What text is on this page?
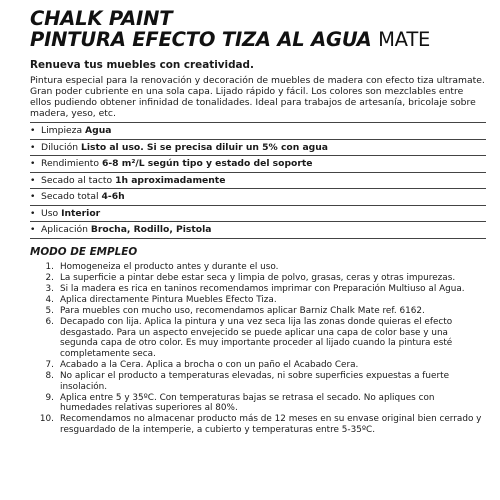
CHALK PAINT
PINTURA EFECTO TIZA AL AGUA MATE
Renueva tus muebles con creatividad.
Pintura especial para la renovación y decoración de muebles de madera con efecto tiza ultramate. Gran poder cubriente en una sola capa. Lijado rápido y fácil. Los colores son mezclables entre ellos pudiendo obtener infinidad de tonalidades. Ideal para trabajos de artesanía, bricolaje sobre madera, yeso, etc.
• Limpieza Agua
• Dilución Listo al uso. Si se precisa diluir un 5% con agua
• Rendimiento 6-8 m²/L según tipo y estado del soporte
• Secado al tacto 1h aproximadamente
• Secado total 4-6h
• Uso Interior
• Aplicación Brocha, Rodillo, Pistola
MODO DE EMPLEO
1. Homogeneiza el producto antes y durante el uso.
2. La superficie a pintar debe estar seca y limpia de polvo, grasas, ceras y otras impurezas.
3. Si la madera es rica en taninos recomendamos imprimar con Preparación Multiuso al Agua.
4. Aplica directamente Pintura Muebles Efecto Tiza.
5. Para muebles con mucho uso, recomendamos aplicar Barniz Chalk Mate ref. 6162.
6. Decapado con lija. Aplica la pintura y una vez seca lija las zonas donde quieras el efecto desgastado. Para un aspecto envejecido se puede aplicar una capa de color base y una segunda capa de otro color. Es muy importante proceder al lijado cuando la pintura esté completamente seca.
7. Acabado a la Cera. Aplica a brocha o con un paño el Acabado Cera.
8. No aplicar el producto a temperaturas elevadas, ni sobre superficies expuestas a fuerte insolación.
9. Aplica entre 5 y 35ºC. Con temperaturas bajas se retrasa el secado. No apliques con humedades relativas superiores al 80%.
10. Recomendamos no almacenar producto más de 12 meses en su envase original bien cerrado y resguardado de la intemperie, a cubierto y temperaturas entre 5-35ºC.
